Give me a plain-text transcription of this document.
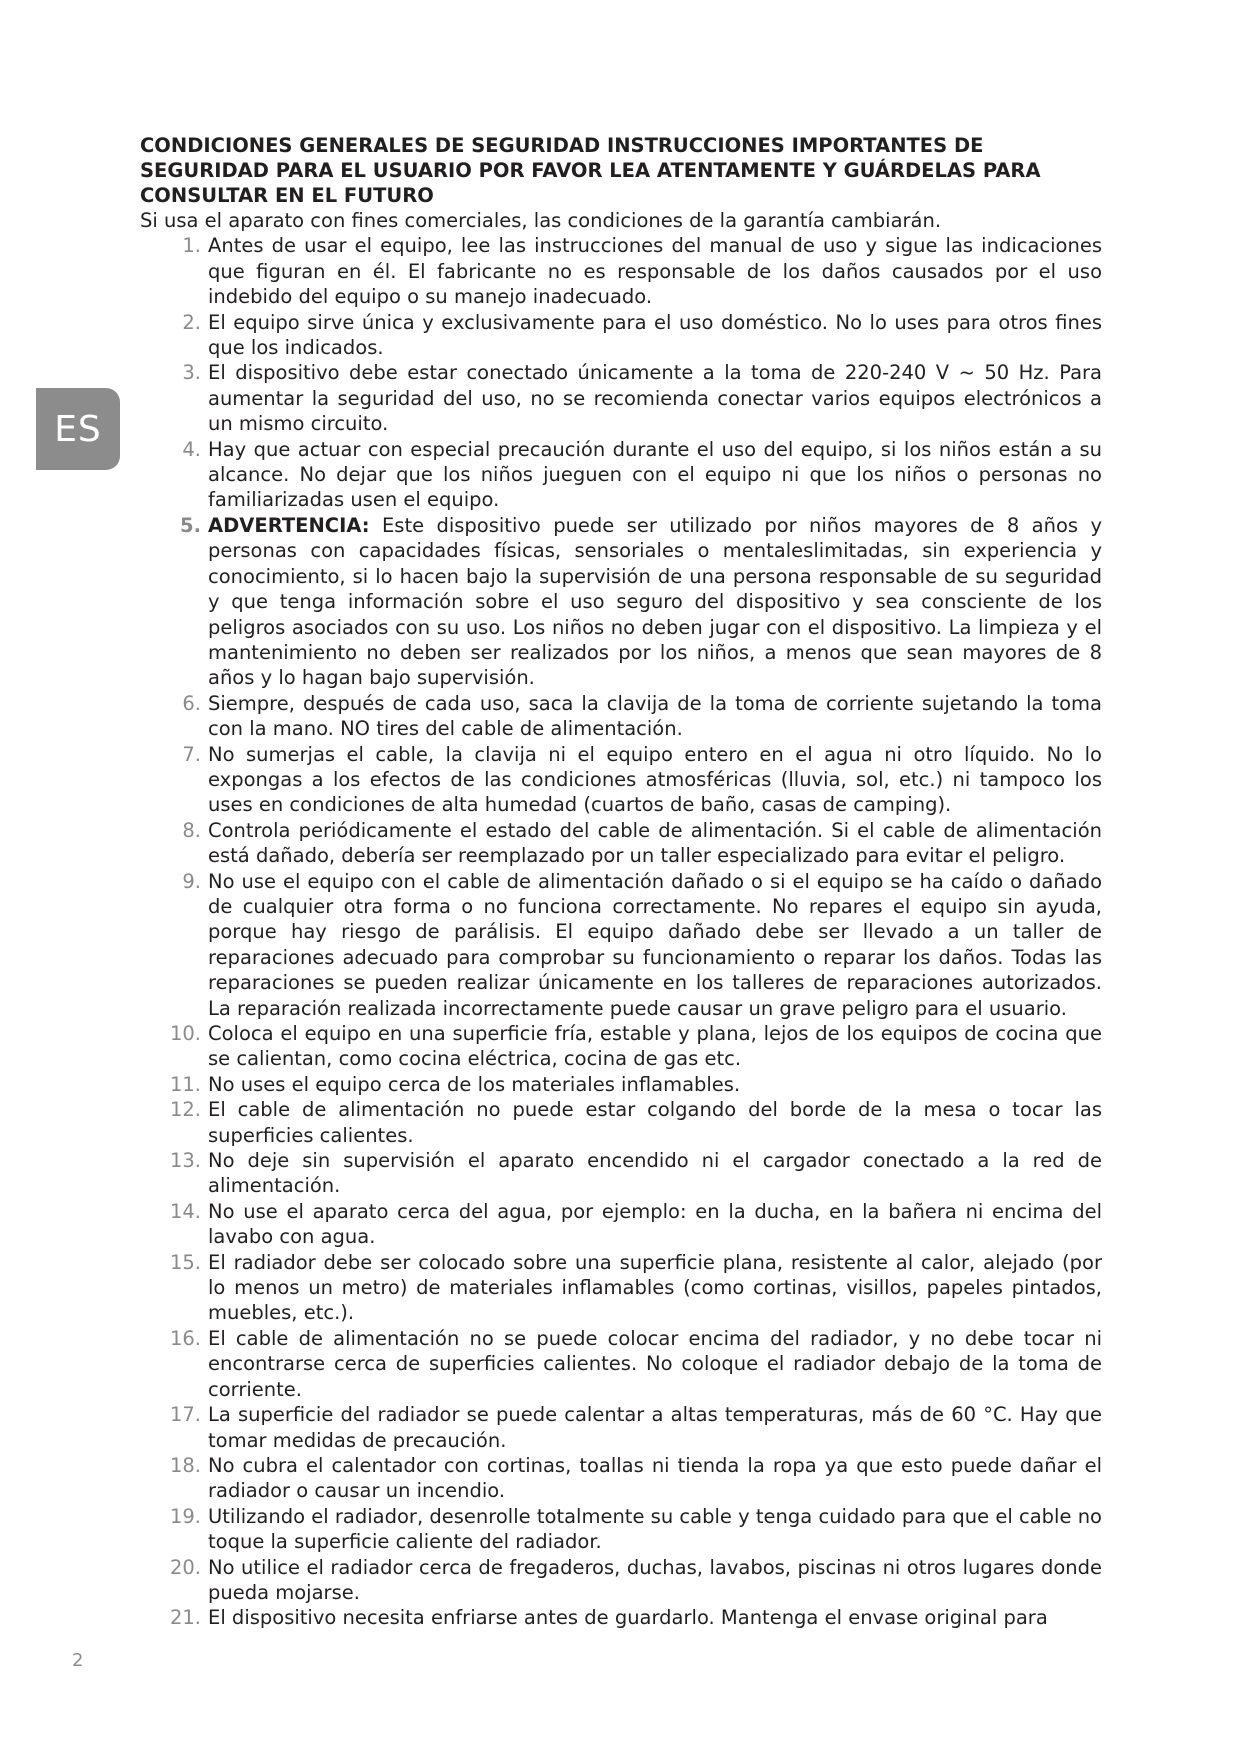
ES

CONDICIONES GENERALES DE SEGURIDAD INSTRUCCIONES IMPORTANTES DE SEGURIDAD PARA EL USUARIO POR FAVOR LEA ATENTAMENTE Y GUÁRDELAS PARA CONSULTAR EN EL FUTURO

Si usa el aparato con fines comerciales, las condiciones de la garantía cambiarán.

1. Antes de usar el equipo, lee las instrucciones del manual de uso y sigue las indicaciones que figuran en él. El fabricante no es responsable de los daños causados por el uso indebido del equipo o su manejo inadecuado.
2. El equipo sirve única y exclusivamente para el uso doméstico. No lo uses para otros fines que los indicados.
3. El dispositivo debe estar conectado únicamente a la toma de 220-240 V ~ 50 Hz. Para aumentar la seguridad del uso, no se recomienda conectar varios equipos electrónicos a un mismo circuito.
4. Hay que actuar con especial precaución durante el uso del equipo, si los niños están a su alcance. No dejar que los niños jueguen con el equipo ni que los niños o personas no familiarizadas usen el equipo.
5. ADVERTENCIA: Este dispositivo puede ser utilizado por niños mayores de 8 años y personas con capacidades físicas, sensoriales o mentaleslimitadas, sin experiencia y conocimiento, si lo hacen bajo la supervisión de una persona responsable de su seguridad y que tenga información sobre el uso seguro del dispositivo y sea consciente de los peligros asociados con su uso. Los niños no deben jugar con el dispositivo. La limpieza y el mantenimiento no deben ser realizados por los niños, a menos que sean mayores de 8 años y lo hagan bajo supervisión.
6. Siempre, después de cada uso, saca la clavija de la toma de corriente sujetando la toma con la mano. NO tires del cable de alimentación.
7. No sumerjas el cable, la clavija ni el equipo entero en el agua ni otro líquido. No lo expongas a los efectos de las condiciones atmosféricas (lluvia, sol, etc.) ni tampoco los uses en condiciones de alta humedad (cuartos de baño, casas de camping).
8. Controla periódicamente el estado del cable de alimentación. Si el cable de alimentación está dañado, debería ser reemplazado por un taller especializado para evitar el peligro.
9. No use el equipo con el cable de alimentación dañado o si el equipo se ha caído o dañado de cualquier otra forma o no funciona correctamente. No repares el equipo sin ayuda, porque hay riesgo de parálisis. El equipo dañado debe ser llevado a un taller de reparaciones adecuado para comprobar su funcionamiento o reparar los daños. Todas las reparaciones se pueden realizar únicamente en los talleres de reparaciones autorizados. La reparación realizada incorrectamente puede causar un grave peligro para el usuario.
10. Coloca el equipo en una superficie fría, estable y plana, lejos de los equipos de cocina que se calientan, como cocina eléctrica, cocina de gas etc.
11. No uses el equipo cerca de los materiales inflamables.
12. El cable de alimentación no puede estar colgando del borde de la mesa o tocar las superficies calientes.
13. No deje sin supervisión el aparato encendido ni el cargador conectado a la red de alimentación.
14. No use el aparato cerca del agua, por ejemplo: en la ducha, en la bañera ni encima del lavabo con agua.
15. El radiador debe ser colocado sobre una superficie plana, resistente al calor, alejado (por lo menos un metro) de materiales inflamables (como cortinas, visillos, papeles pintados, muebles, etc.).
16. El cable de alimentación no se puede colocar encima del radiador, y no debe tocar ni encontrarse cerca de superficies calientes. No coloque el radiador debajo de la toma de corriente.
17. La superficie del radiador se puede calentar a altas temperaturas, más de 60 °C. Hay que tomar medidas de precaución.
18. No cubra el calentador con cortinas, toallas ni tienda la ropa ya que esto puede dañar el radiador o causar un incendio.
19. Utilizando el radiador, desenrolle totalmente su cable y tenga cuidado para que el cable no toque la superficie caliente del radiador.
20. No utilice el radiador cerca de fregaderos, duchas, lavabos, piscinas ni otros lugares donde pueda mojarse.
21. El dispositivo necesita enfriarse antes de guardarlo. Mantenga el envase original para
2
